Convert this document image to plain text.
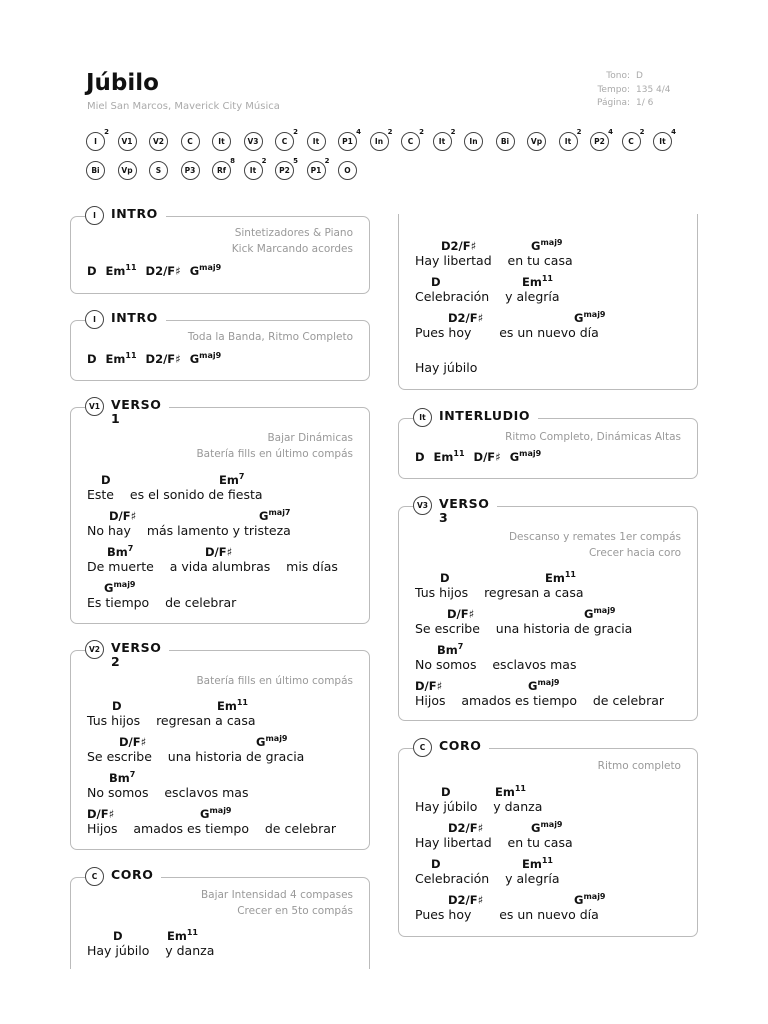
Júbilo
Miel San Marcos, Maverick City Música
Tono: D
Tempo: 135 4/4
Página: 1/ 6
I
2
V1	V2	C	It	V3	C
2
It	P1
4
In
2
C
2
It
2
In	Bi	Vp	It
2
P2
4
C
2
It
4
Bi	Vp	S	P3	Rf
8
It
2
P2
5
P1
2
O
I	INTRO
Sintetizadores & Piano
Kick Marcando acordes
D Em$^{11}$ D2/F♯ $G^{maj9}$
I	INTRO
Toda la Banda, Ritmo Completo
D Em$^{11}$ D2/F♯ $G^{maj9}$
V1 VERSO
1
Bajar Dinámicas
Batería fills en último compás
D	Em$^7$
Este    es el sonido de fiesta
D/F♯	$G^{maj7}$
No hay    más lamento y tristeza
Bm$^7$	D/F♯
De muerte    a vida alumbras    mis días
$G^{maj9}$
Es tiempo    de celebrar
V2 VERSO
2
Batería fills en último compás
D	Em$^{11}$
Tus hijos    regresan a casa
D/F♯	$G^{maj9}$
Se escribe    una historia de gracia
Bm$^7$
No somos    esclavos mas
D/F♯	$G^{maj9}$
Hijos    amados es tiempo    de celebrar
C	CORO
Bajar Intensidad 4 compases
Crecer en 5to compás
D	Em$^{11}$
Hay júbilo    y danza
D2/F♯	$G^{maj9}$
Hay libertad    en tu casa
D	Em$^{11}$
Celebración    y alegría
D2/F♯	$G^{maj9}$
Pues hoy       es un nuevo día
Hay júbilo
It	INTERLUDIO
Ritmo Completo, Dinámicas Altas
D Em$^{11}$ D/F♯ $G^{maj9}$
V3 VERSO
3
Descanso y remates 1er compás
Crecer hacia coro
D	Em$^{11}$
Tus hijos    regresan a casa
D/F♯	$G^{maj9}$
Se escribe    una historia de gracia
Bm$^7$
No somos    esclavos mas
D/F♯	$G^{maj9}$
Hijos    amados es tiempo    de celebrar
C	CORO
Ritmo completo
D	Em$^{11}$
Hay júbilo    y danza
D2/F♯	$G^{maj9}$
Hay libertad    en tu casa
D	Em$^{11}$
Celebración    y alegría
D2/F♯	$G^{maj9}$
Pues hoy       es un nuevo día
